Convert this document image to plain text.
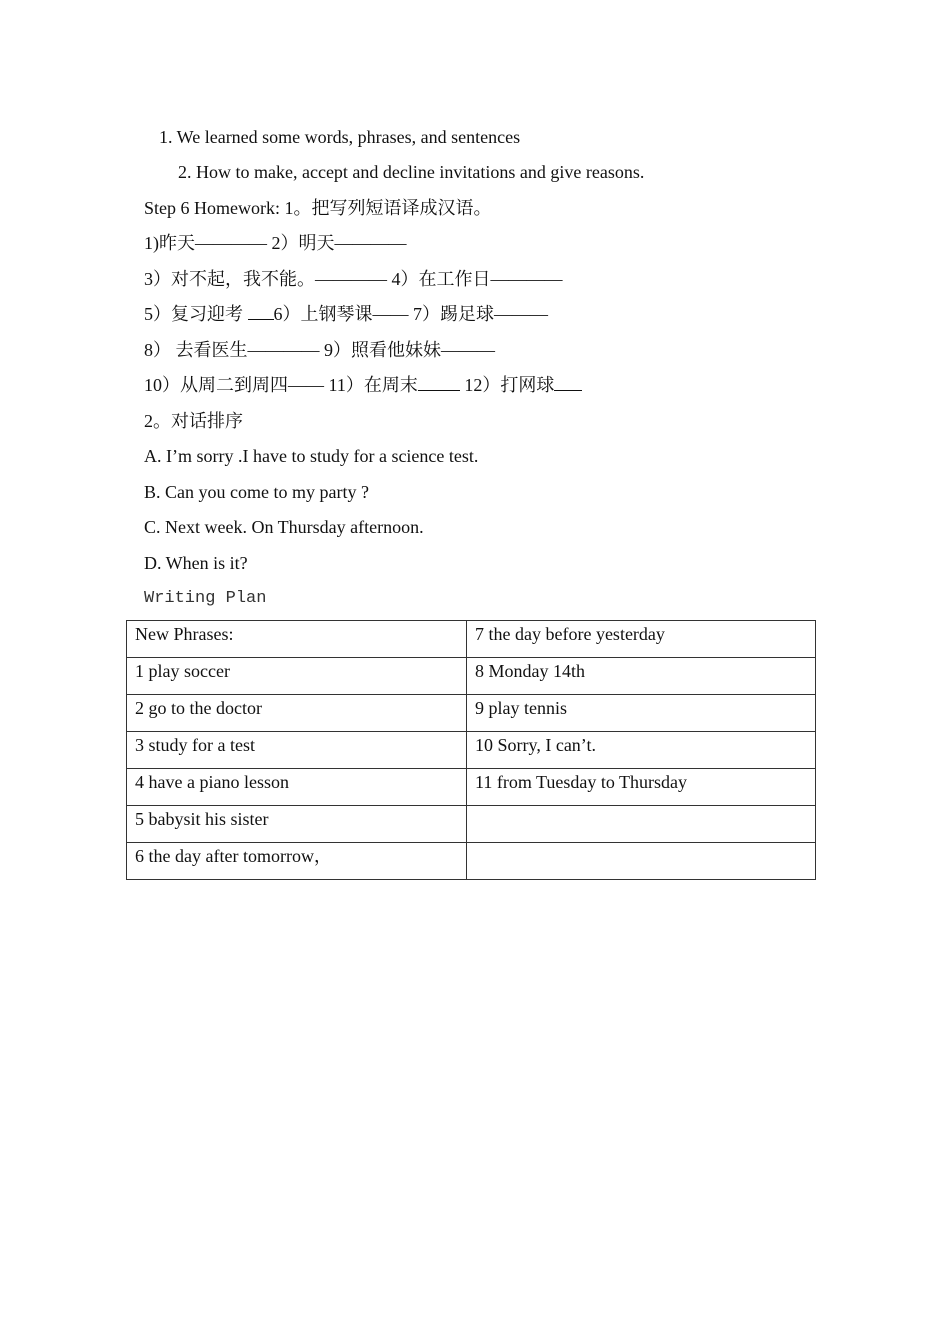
1. We learned some words, phrases, and sentences
2. How to make, accept and decline invitations and give reasons.
Step 6 Homework: 1。把写列短语译成汉语。
1)昨天———— 2）明天————
3）对不起，我不能。———— 4）在工作日————
5）复习迎考 6）上钢琴课—— 7）踢足球———
8） 去看医生———— 9）照看他妹妹———
10）从周二到周四—— 11）在周末 12）打网球
2。对话排序
A. I’m sorry .I have to study for a science test.
B. Can you come to my party ?
C. Next week. On Thursday afternoon.
D. When is it?
Writing Plan
New Phrases:	7 the day before yesterday
1 play soccer	8 Monday 14th
2 go to the doctor	9 play tennis
3 study for a test	10 Sorry, I can’t.
4 have a piano lesson	11 from Tuesday to Thursday
5 babysit his sister	
6 the day after tomorrow，	
